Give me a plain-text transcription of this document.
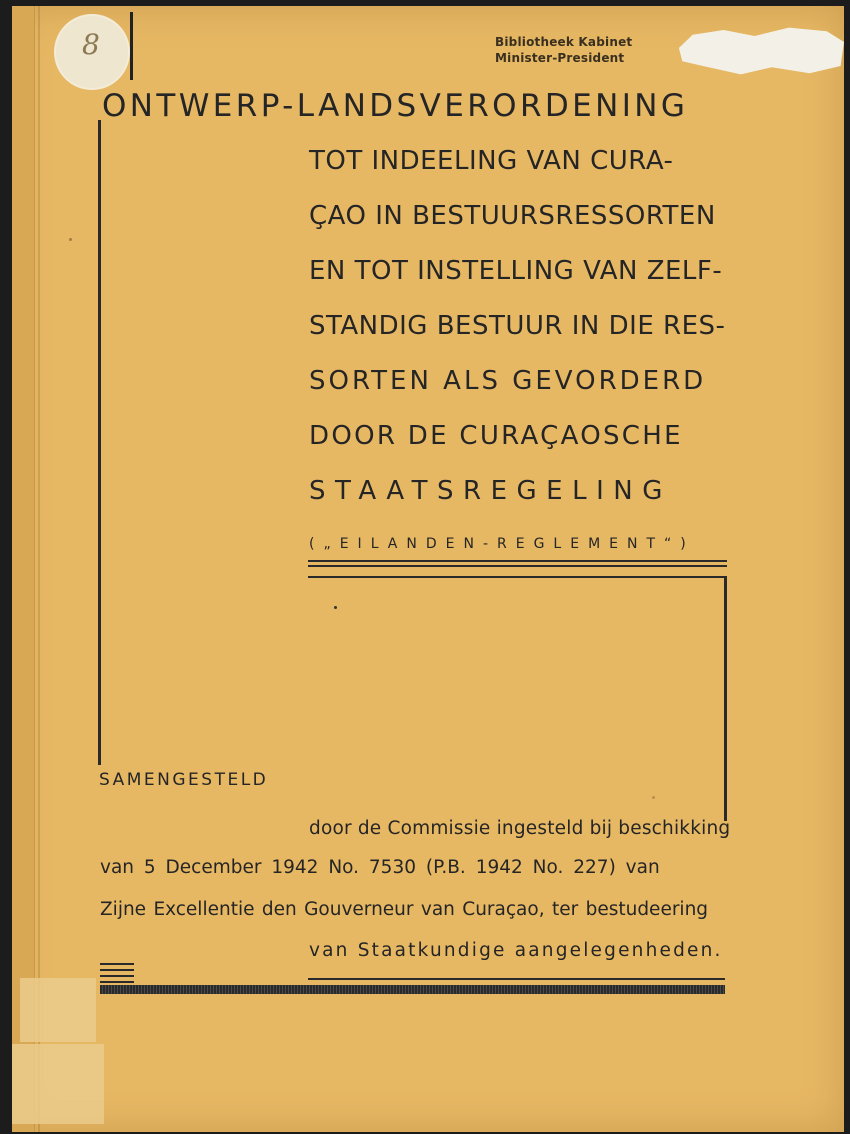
8	Bibliotheek Kabinet
Minister-President
ONTWERP-LANDSVERORDENING
TOT INDEELING VAN CURA-
ÇAO IN BESTUURSRESSORTEN
EN TOT INSTELLING VAN ZELF-
STANDIG BESTUUR IN DIE RES-
SORTEN ALS GEVORDERD
DOOR DE CURAÇAOSCHE
STAATSREGELING
(„EILANDEN-REGLEMENT“)
SAMENGESTELD
door de Commissie ingesteld bij beschikking
van 5 December 1942 No. 7530 (P.B. 1942 No. 227) van
Zijne Excellentie den Gouverneur van Curaçao, ter bestudeering
van Staatkundige aangelegenheden.
